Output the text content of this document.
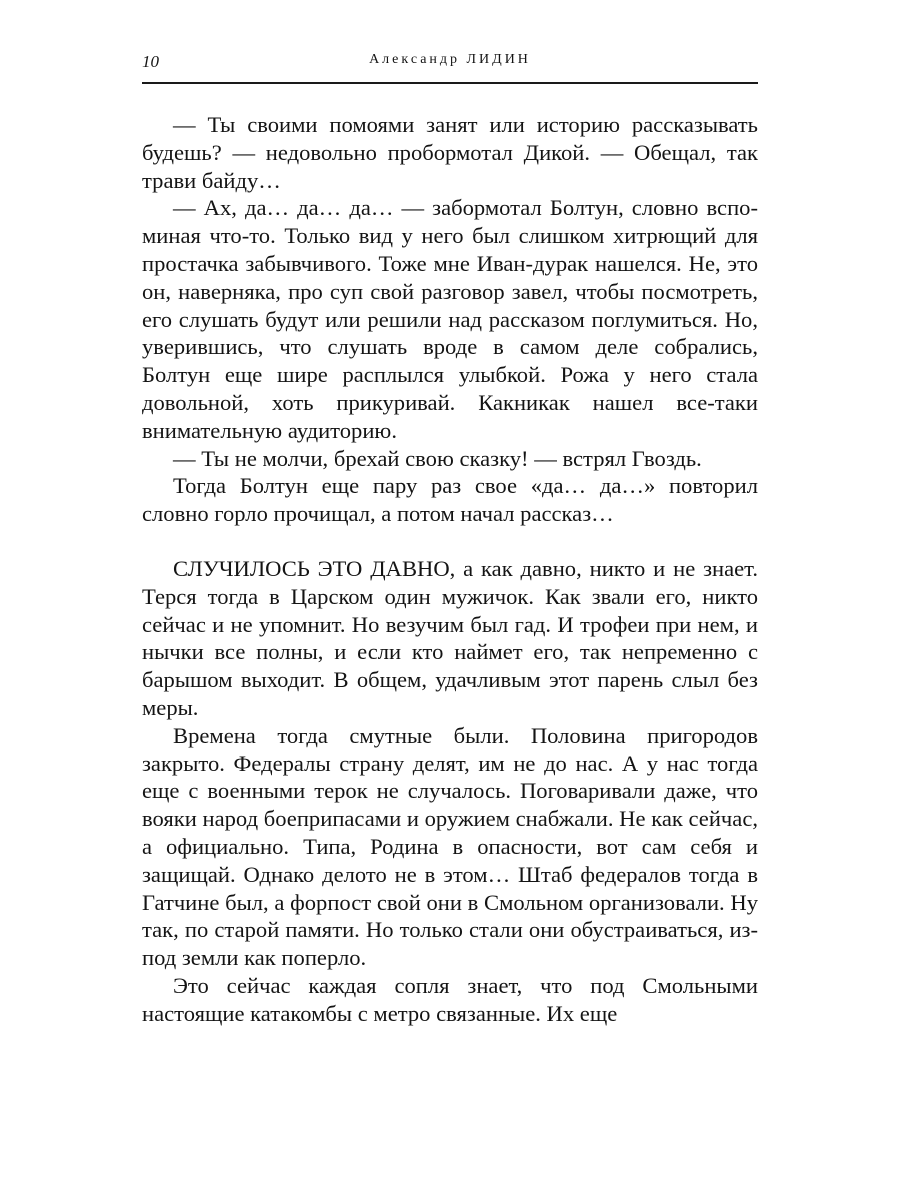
10	Александр ЛИДИН

— Ты своими помоями занят или историю рассказывать будешь? — недовольно пробормотал Дикой. — Обещал, так трави байду…

— Ах, да… да… да… — забормотал Болтун, словно вспоминая что-то. Только вид у него был слишком хитрющий для простачка забывчивого. Тоже мне Иван-дурак нашелся. Не, это он, наверняка, про суп свой разговор завел, чтобы посмотреть, его слушать будут или решили над рассказом поглумиться. Но, уверившись, что слушать вроде в самом деле собрались, Болтун еще шире расплылся улыбкой. Рожа у него стала довольной, хоть прикуривай. Какникак нашел все-таки внимательную аудиторию.

— Ты не молчи, брехай свою сказку! — встрял Гвоздь.

Тогда Болтун еще пару раз свое «да… да…» повторил словно горло прочищал, а потом начал рассказ…

СЛУЧИЛОСЬ ЭТО ДАВНО, а как давно, никто и не знает. Терся тогда в Царском один мужичок. Как звали его, никто сейчас и не упомнит. Но везучим был гад. И трофеи при нем, и нычки все полны, и если кто наймет его, так непременно с барышом выходит. В общем, удачливым этот парень слыл без меры.

Времена тогда смутные были. Половина пригородов закрыто. Федералы страну делят, им не до нас. А у нас тогда еще с военными терок не случалось. Поговаривали даже, что вояки народ боеприпасами и оружием снабжали. Не как сейчас, а официально. Типа, Родина в опасности, вот сам себя и защищай. Однако делото не в этом… Штаб федералов тогда в Гатчине был, а форпост свой они в Смольном организовали. Ну так, по старой памяти. Но только стали они обустраиваться, из-под земли как поперло.

Это сейчас каждая сопля знает, что под Смольными настоящие катакомбы с метро связанные. Их еще
